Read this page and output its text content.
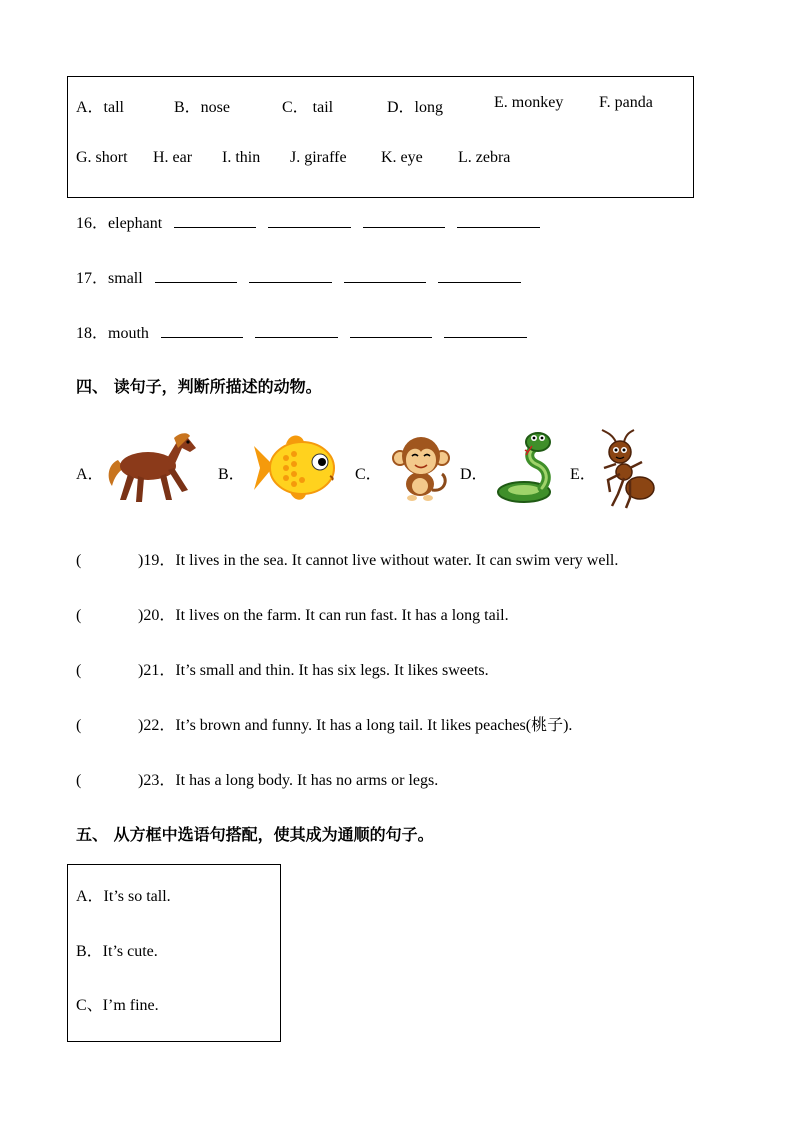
A．tall	B．nose	C． tail	D．long	E. monkey F. panda
G. short H. ear I. thin J. giraffe K. eye L. zebra
16．elephant
17．small
18．mouth
四、 读句子，判断所描述的动物。
A．	B．	C．	D．	E．
(	)19．It lives in the sea. It cannot live without water. It can swim very well.
(	)20．It lives on the farm. It can run fast. It has a long tail.
(	)21．It’s small and thin. It has six legs. It likes sweets.
(	)22．It’s brown and funny. It has a long tail. It likes peaches(桃子).
(	)23．It has a long body. It has no arms or legs.
五、 从方框中选语句搭配，使其成为通顺的句子。
A．It’s so tall.
B．It’s cute.
C、I’m fine.
